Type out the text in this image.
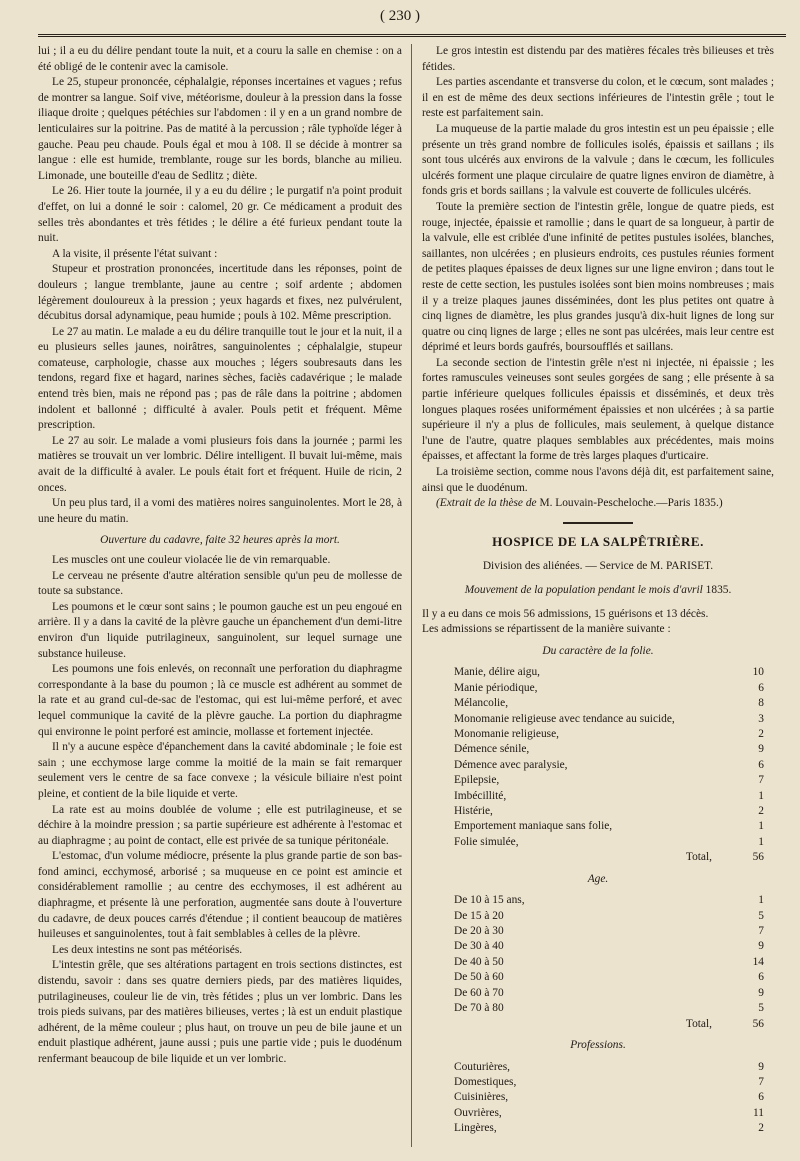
( 230 )

lui ; il a eu du délire pendant toute la nuit, et a couru la salle en chemise : on a été obligé de le contenir avec la camisole.

Le 25, stupeur prononcée, céphalalgie, réponses incertaines et vagues ; refus de montrer sa langue. Soif vive, météorisme, douleur à la pression dans la fosse iliaque droite ; quelques pétéchies sur l'abdomen : il y en a un grand nombre de lenticulaires sur la poitrine. Pas de matité à la percussion ; râle typhoïde léger à gauche. Peau peu chaude. Pouls égal et mou à 108. Il se décide à montrer sa langue : elle est humide, tremblante, rouge sur les bords, blanche au milieu. Limonade, une bouteille d'eau de Sedlitz ; diète.

Le 26. Hier toute la journée, il y a eu du délire ; le purgatif n'a point produit d'effet, on lui a donné le soir : calomel, 20 gr. Ce médicament a produit des selles très abondantes et très fétides ; le délire a été furieux pendant toute la nuit.

A la visite, il présente l'état suivant :

Stupeur et prostration prononcées, incertitude dans les réponses, point de douleurs ; langue tremblante, jaune au centre ; soif ardente ; abdomen légèrement douloureux à la pression ; yeux hagards et fixes, nez pulvérulent, décubitus dorsal adynamique, peau humide ; pouls à 102. Même prescription.

Le 27 au matin. Le malade a eu du délire tranquille tout le jour et la nuit, il a eu plusieurs selles jaunes, noirâtres, sanguinolentes ; céphalalgie, stupeur comateuse, carphologie, chasse aux mouches ; légers soubresauts dans les tendons, regard fixe et hagard, narines sèches, faciès cadavérique ; le malade entend très bien, mais ne répond pas ; pas de râle dans la poitrine ; abdomen indolent et ballonné ; difficulté à avaler. Pouls petit et fréquent. Même prescription.

Le 27 au soir. Le malade a vomi plusieurs fois dans la journée ; parmi les matières se trouvait un ver lombric. Délire intelligent. Il buvait lui-même, mais avait de la difficulté à avaler. Le pouls était fort et fréquent. Huile de ricin, 2 onces.

Un peu plus tard, il a vomi des matières noires sanguinolentes. Mort le 28, à une heure du matin.

Ouverture du cadavre, faite 32 heures après la mort.

Les muscles ont une couleur violacée lie de vin remarquable.

Le cerveau ne présente d'autre altération sensible qu'un peu de mollesse de toute sa substance.

Les poumons et le cœur sont sains ; le poumon gauche est un peu engoué en arrière. Il y a dans la cavité de la plèvre gauche un épanchement d'un demi-litre environ d'un liquide putrilagineux, sanguinolent, sur lequel surnage une substance huileuse.

Les poumons une fois enlevés, on reconnaît une perforation du diaphragme correspondante à la base du poumon ; là ce muscle est adhérent au sommet de la rate et au grand cul-de-sac de l'estomac, qui est lui-même perforé, et avec lequel communique la cavité de la plèvre gauche. La portion du diaphragme qui environne le point perforé est amincie, mollasse et fortement injectée.

Il n'y a aucune espèce d'épanchement dans la cavité abdominale ; le foie est sain ; une ecchymose large comme la moitié de la main se fait remarquer seulement vers le centre de sa face convexe ; la vésicule biliaire n'est point pleine, et contient de la bile liquide et verte.

La rate est au moins doublée de volume ; elle est putrilagineuse, et se déchire à la moindre pression ; sa partie supérieure est adhérente à l'estomac et au diaphragme ; au point de contact, elle est privée de sa tunique péritonéale.

L'estomac, d'un volume médiocre, présente la plus grande partie de son bas-fond aminci, ecchymosé, arborisé ; sa muqueuse en ce point est amincie et considérablement ramollie ; au centre des ecchymoses, il est adhérent au diaphragme, et présente là une perforation, augmentée sans doute à l'ouverture du cadavre, de deux pouces carrés d'étendue ; il contient beaucoup de matières huileuses et sanguinolentes, tout à fait semblables à celles de la plèvre.

Les deux intestins ne sont pas météorisés.

L'intestin grêle, que ses altérations partagent en trois sections distinctes, est distendu, savoir : dans ses quatre derniers pieds, par des matières liquides, putrilagineuses, couleur lie de vin, très fétides ; plus un ver lombric. Dans les trois pieds suivans, par des matières bilieuses, vertes ; là est un enduit plastique adhérent, de la même couleur ; plus haut, on trouve un peu de bile jaune et un enduit plastique adhérent, jaune aussi ; puis une partie vide ; puis le duodénum renfermant beaucoup de bile liquide et un ver lombric.

Le gros intestin est distendu par des matières fécales très bilieuses et très fétides.

Les parties ascendante et transverse du colon, et le cœcum, sont malades ; il en est de même des deux sections inférieures de l'intestin grêle ; tout le reste est parfaitement sain.

La muqueuse de la partie malade du gros intestin est un peu épaissie ; elle présente un très grand nombre de follicules isolés, épaissis et saillans ; ils sont tous ulcérés aux environs de la valvule ; dans le cœcum, les follicules ulcérés forment une plaque circulaire de quatre lignes environ de diamètre, à fonds gris et bords saillans ; la valvule est couverte de follicules ulcérés.

Toute la première section de l'intestin grêle, longue de quatre pieds, est rouge, injectée, épaissie et ramollie ; dans le quart de sa longueur, à partir de la valvule, elle est criblée d'une infinité de petites pustules isolées, blanches, saillantes, non ulcérées ; en plusieurs endroits, ces pustules réunies forment de petites plaques épaisses de deux lignes sur une ligne environ ; dans tout le reste de cette section, les pustules isolées sont bien moins nombreuses ; mais il y a treize plaques jaunes disséminées, dont les plus petites ont quatre à cinq lignes de diamètre, les plus grandes jusqu'à dix-huit lignes de long sur quatre ou cinq lignes de large ; elles ne sont pas ulcérées, mais leur centre est déprimé et leurs bords gaufrés, boursoufflés et saillans.

La seconde section de l'intestin grêle n'est ni injectée, ni épaissie ; les fortes ramuscules veineuses sont seules gorgées de sang ; elle présente à sa partie inférieure quelques follicules épaissis et disséminés, et deux très longues plaques rosées uniformément épaissies et non ulcérées ; à sa partie supérieure il n'y a plus de follicules, mais seulement, à quelque distance l'une de l'autre, quatre plaques semblables aux précédentes, mais moins épaisses, et affectant la forme de très larges plaques d'urticaire.

La troisième section, comme nous l'avons déjà dit, est parfaitement saine, ainsi que le duodénum.

(Extrait de la thèse de M. Louvain-Pescheloche.—Paris 1835.)

HOSPICE DE LA SALPÊTRIÈRE.
Division des aliénées. — Service de M. PARISET.
Mouvement de la population pendant le mois d'avril 1835.

Il y a eu dans ce mois 56 admissions, 15 guérisons et 13 décès.

Les admissions se répartissent de la manière suivante :

Du caractère de la folie.
Manie, délire aigu,	10
Manie périodique,	6
Mélancolie,	8
Monomanie religieuse avec tendance au suicide,	3
Monomanie religieuse,	2
Démence sénile,	9
Démence avec paralysie,	6
Epilepsie,	7
Imbécillité,	1
Histérie,	2
Emportement maniaque sans folie,	1
Folie simulée,	1
Total,	56
Age.
De 10 à 15 ans,	1
De 15 à 20	5
De 20 à 30	7
De 30 à 40	9
De 40 à 50	14
De 50 à 60	6
De 60 à 70	9
De 70 à 80	5
Total,	56
Professions.
Couturières,	9
Domestiques,	7
Cuisinières,	6
Ouvrières,	11
Lingères,	2
